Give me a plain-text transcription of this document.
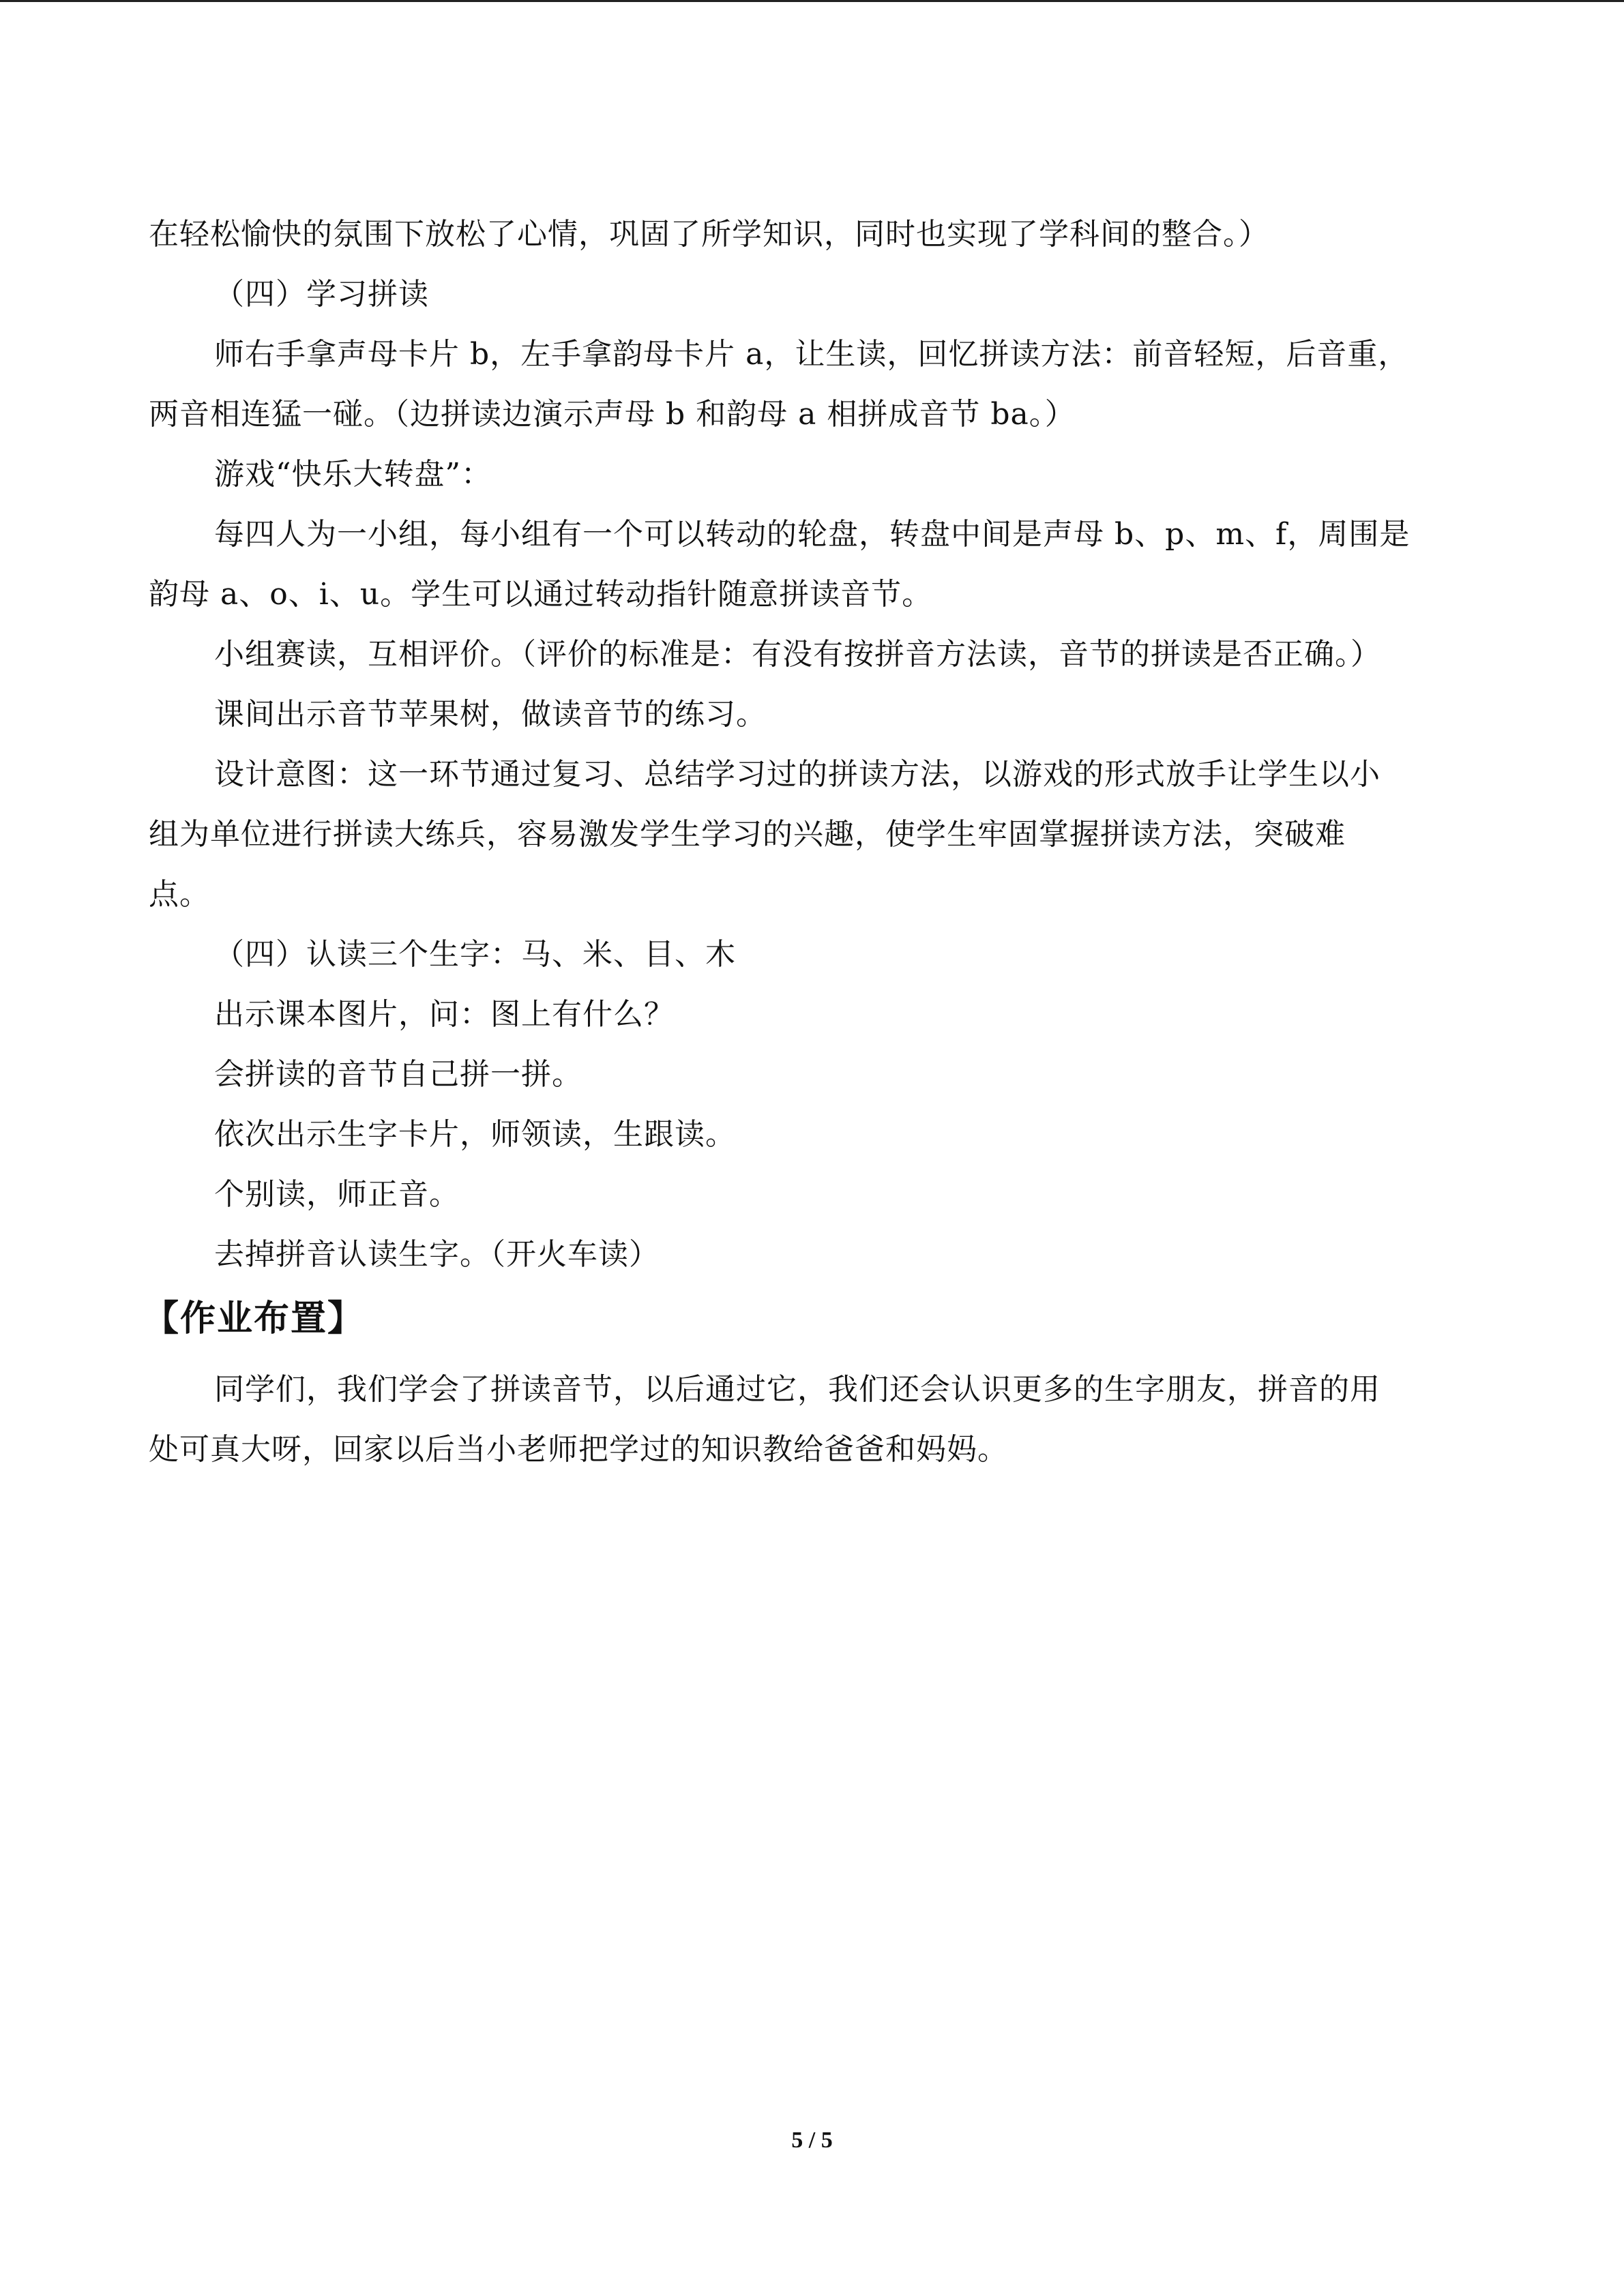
在轻松愉快的氛围下放松了心情，巩固了所学知识，同时也实现了学科间的整合。）

（四）学习拼读

师右手拿声母卡片 b，左手拿韵母卡片 a，让生读，回忆拼读方法：前音轻短，后音重，

两音相连猛一碰。（边拼读边演示声母 b 和韵母 a 相拼成音节 ba。）

游戏“快乐大转盘”：

每四人为一小组，每小组有一个可以转动的轮盘，转盘中间是声母 b、p、m、f，周围是

韵母 a、o、i、u。学生可以通过转动指针随意拼读音节。

小组赛读，互相评价。（评价的标准是：有没有按拼音方法读，音节的拼读是否正确。）

课间出示音节苹果树，做读音节的练习。

设计意图：这一环节通过复习、总结学习过的拼读方法，以游戏的形式放手让学生以小

组为单位进行拼读大练兵，容易激发学生学习的兴趣，使学生牢固掌握拼读方法，突破难

点。

（四）认读三个生字：马、米、目、木

出示课本图片，问：图上有什么？

会拼读的音节自己拼一拼。

依次出示生字卡片，师领读，生跟读。

个别读，师正音。

去掉拼音认读生字。（开火车读）

【作业布置】

同学们，我们学会了拼读音节，以后通过它，我们还会认识更多的生字朋友，拼音的用

处可真大呀，回家以后当小老师把学过的知识教给爸爸和妈妈。

5 / 5
